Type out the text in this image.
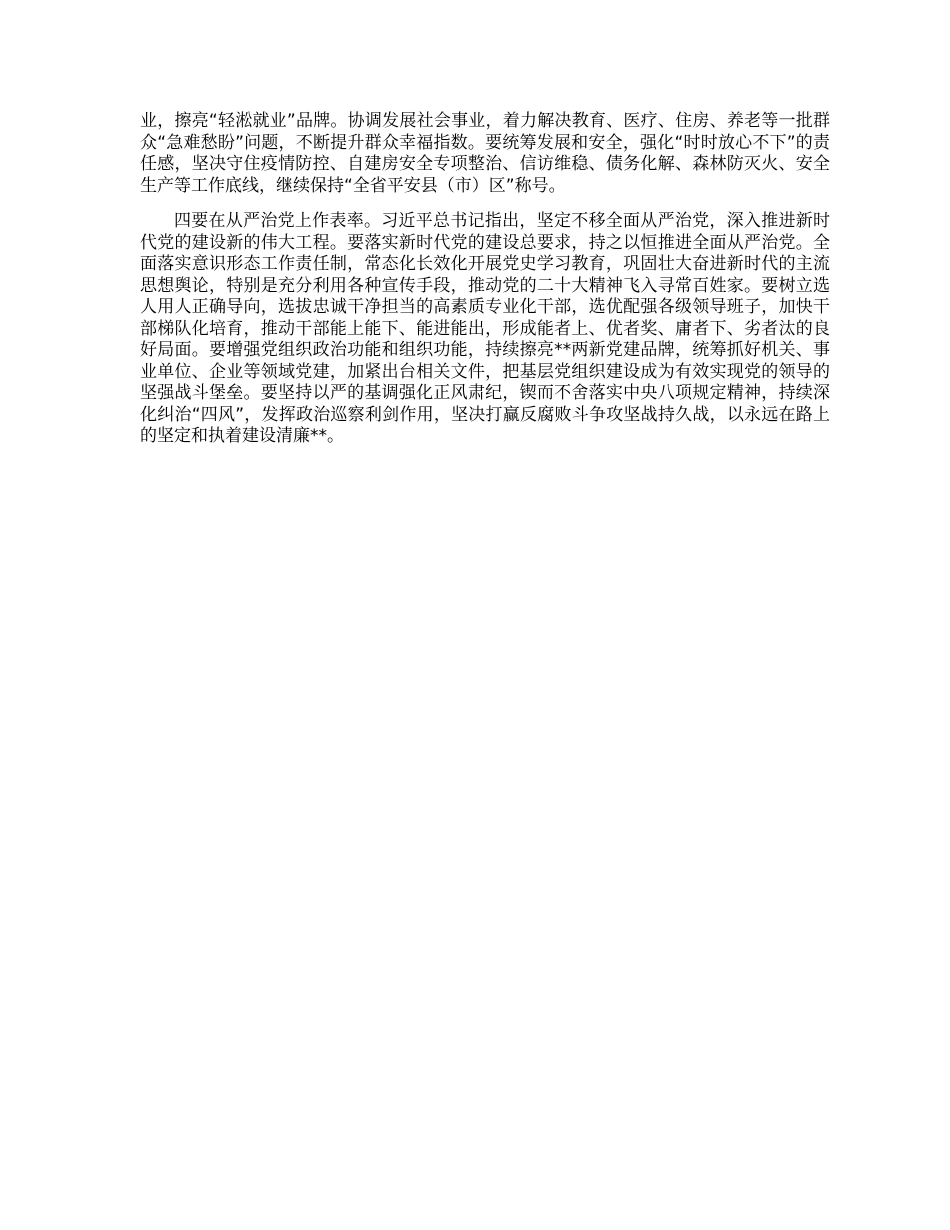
业，擦亮“轻淞就业”品牌。协调发展社会事业，着力解决教育、医疗、住房、养老等一批群众“急难愁盼”问题，不断提升群众幸福指数。要统筹发展和安全，强化“时时放心不下”的责任感，坚决守住疫情防控、自建房安全专项整治、信访维稳、债务化解、森林防灭火、安全生产等工作底线，继续保持“全省平安县（市）区”称号。

四要在从严治党上作表率。习近平总书记指出，坚定不移全面从严治党，深入推进新时代党的建设新的伟大工程。要落实新时代党的建设总要求，持之以恒推进全面从严治党。全面落实意识形态工作责任制，常态化长效化开展党史学习教育，巩固壮大奋进新时代的主流思想舆论，特别是充分利用各种宣传手段，推动党的二十大精神飞入寻常百姓家。要树立选人用人正确导向，选拔忠诚干净担当的高素质专业化干部，选优配强各级领导班子，加快干部梯队化培育，推动干部能上能下、能进能出，形成能者上、优者奖、庸者下、劣者汰的良好局面。要增强党组织政治功能和组织功能，持续擦亮**两新党建品牌，统筹抓好机关、事业单位、企业等领域党建，加紧出台相关文件，把基层党组织建设成为有效实现党的领导的坚强战斗堡垒。要坚持以严的基调强化正风肃纪，锲而不舍落实中央八项规定精神，持续深化纠治“四风”，发挥政治巡察利剑作用，坚决打赢反腐败斗争攻坚战持久战，以永远在路上的坚定和执着建设清廉**。
